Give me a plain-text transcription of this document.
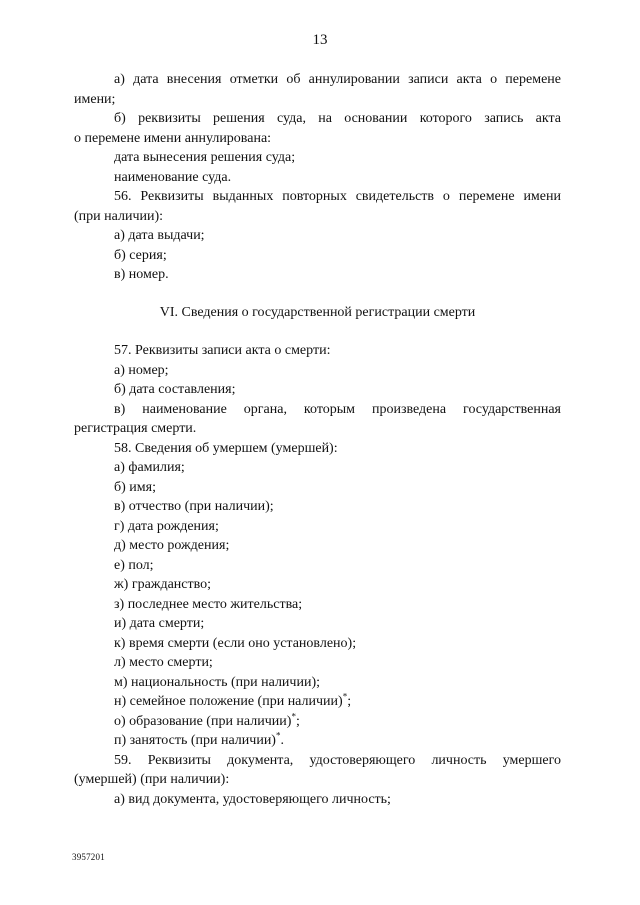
13

а) дата внесения отметки об аннулировании записи акта о перемене

имени;

б) реквизиты решения суда, на основании которого запись акта

о перемене имени аннулирована:

дата вынесения решения суда;

наименование суда.

56. Реквизиты выданных повторных свидетельств о перемене имени

(при наличии):

а) дата выдачи;

б) серия;

в) номер.

VI. Сведения о государственной регистрации смерти

57. Реквизиты записи акта о смерти:

а) номер;

б) дата составления;

в) наименование органа, которым произведена государственная

регистрация смерти.

58. Сведения об умершем (умершей):

а) фамилия;

б) имя;

в) отчество (при наличии);

г) дата рождения;

д) место рождения;

е) пол;

ж) гражданство;

з) последнее место жительства;

и) дата смерти;

к) время смерти (если оно установлено);

л) место смерти;

м) национальность (при наличии);

н) семейное положение (при наличии)*;

о) образование (при наличии)*;

п) занятость (при наличии)*.

59. Реквизиты документа, удостоверяющего личность умершего

(умершей) (при наличии):

а) вид документа, удостоверяющего личность;

3957201
